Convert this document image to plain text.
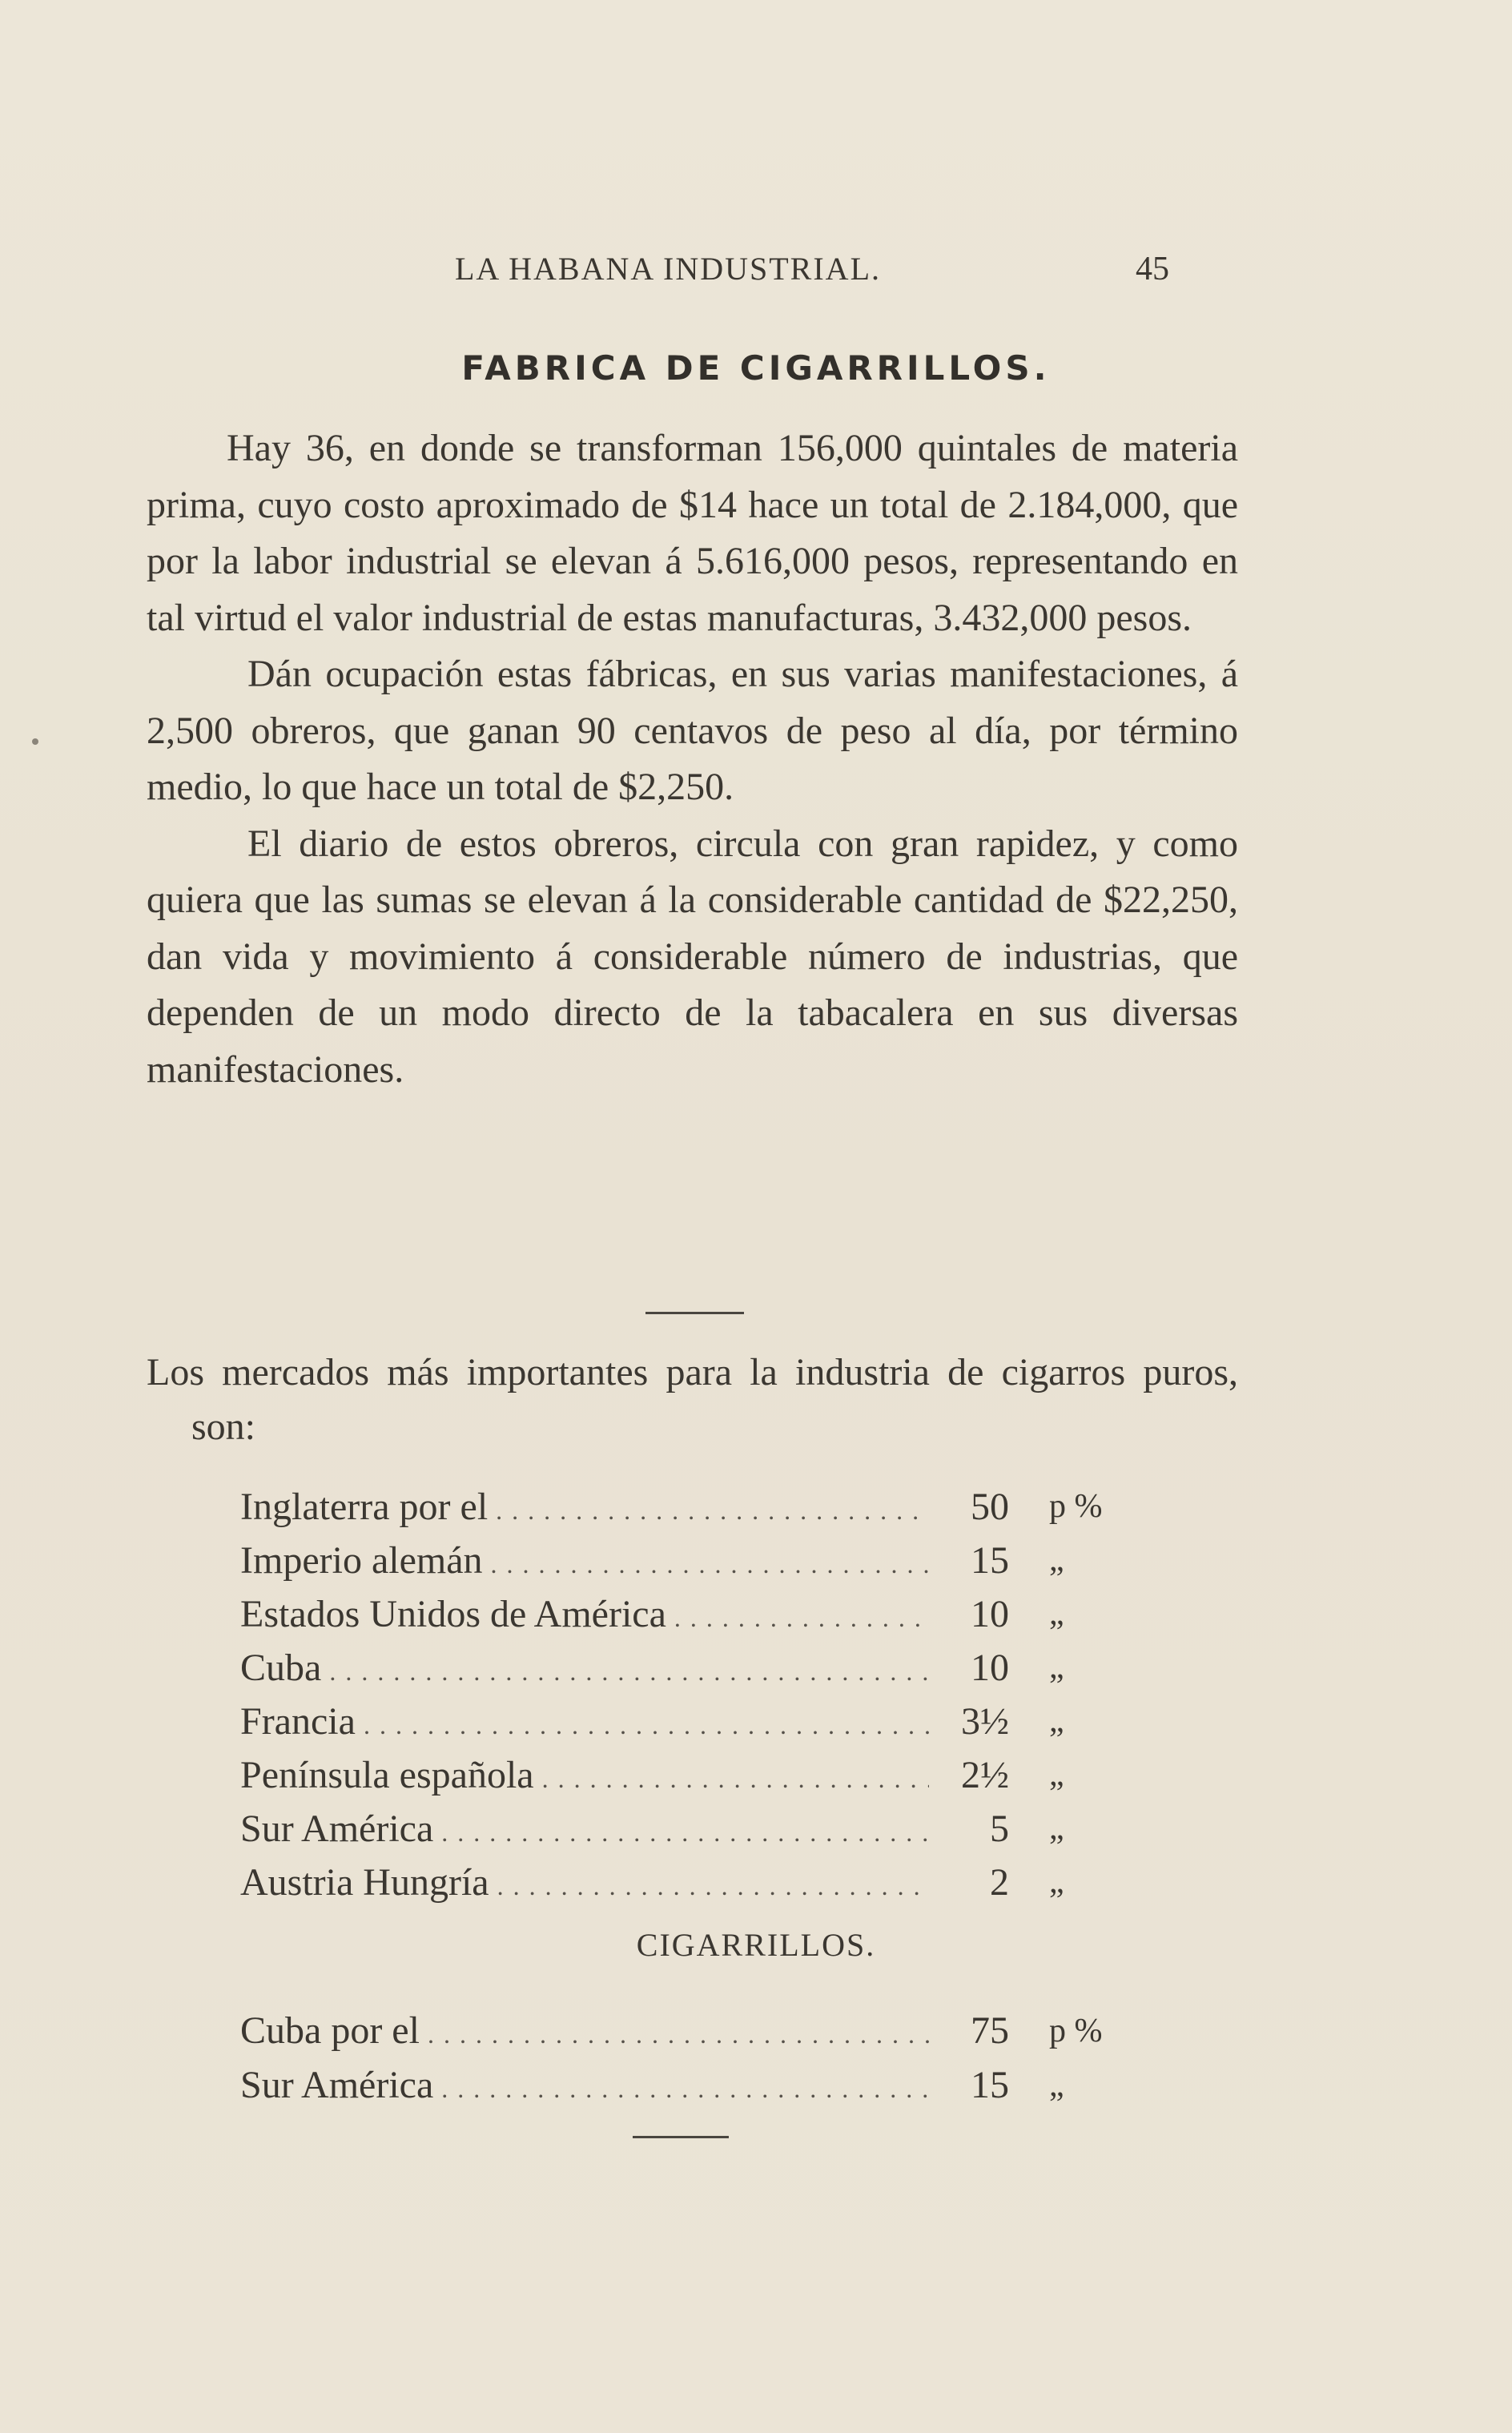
LA HABANA INDUSTRIAL.	45
FABRICA DE CIGARRILLOS.

Hay 36, en donde se transforman 156,000 quintales de materia prima, cuyo costo aproximado de $14 hace un total de 2.184,000, que por la labor industrial se elevan á 5.616,000 pesos, representando en tal virtud el valor industrial de estas manufacturas, 3.432,000 pesos.

Dán ocupación estas fábricas, en sus varias manifestaciones, á 2,500 obreros, que ganan 90 centavos de peso al día, por término medio, lo que hace un total de $2,250.

El diario de estos obreros, circula con gran rapidez, y como quiera que las sumas se elevan á la considerable cantidad de $22,250, dan vida y movimiento á considerable número de industrias, que dependen de un modo directo de la tabacalera en sus diversas manifestaciones.

Los mercados más importantes para la industria de cigarros puros, son:

Inglaterra por el . . .	50 p %
Imperio alemán . . .	15 „
Estados Unidos de América . . .	10 „
Cuba . . .	10 „
Francia . . .	3½ „
Península española . . .	2½ „
Sur América . . .	5 „
Austria Hungría . . .	2 „
CIGARRILLOS.
Cuba por el . . .	75 p %
Sur América . . .	15 „
